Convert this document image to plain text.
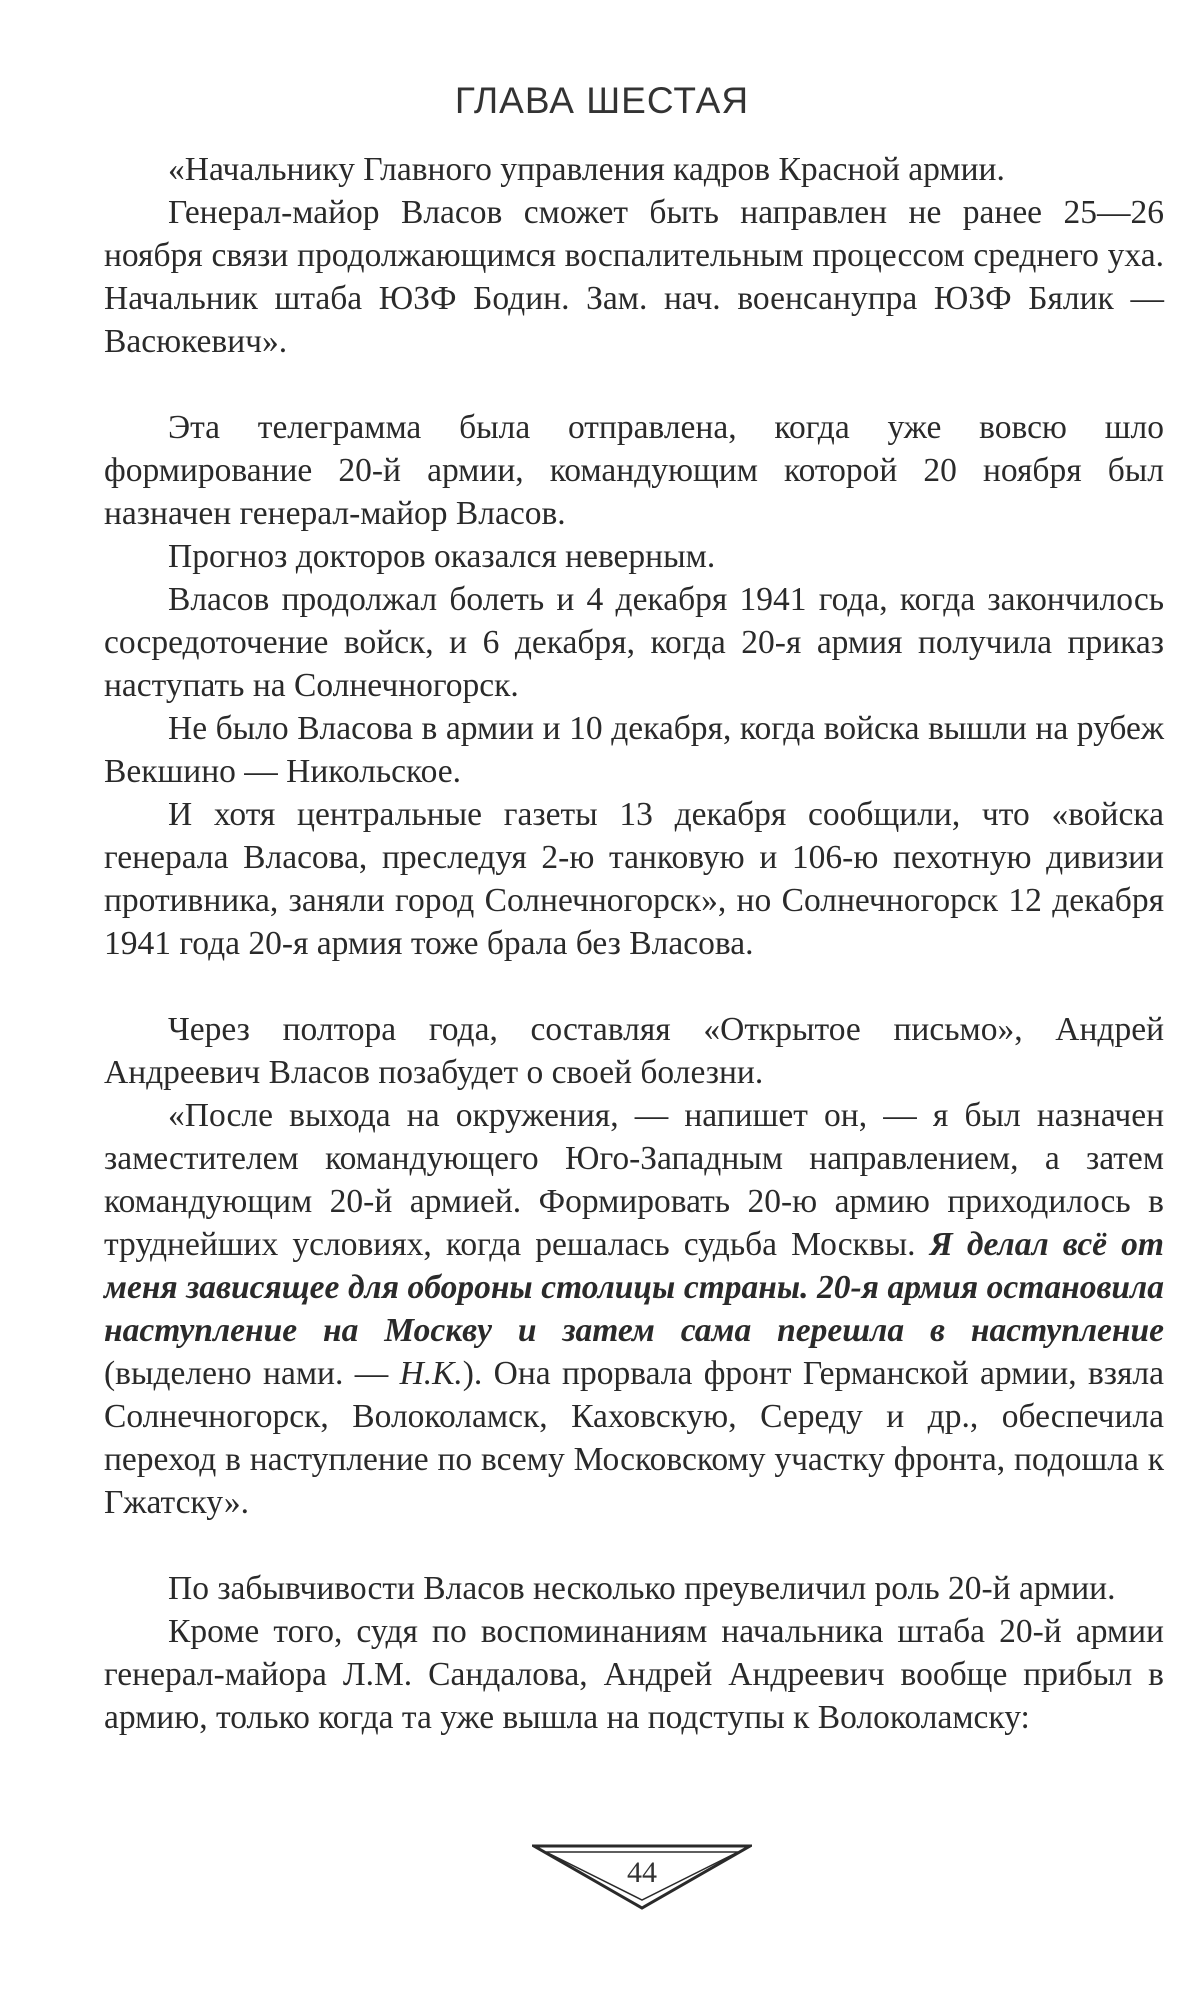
ГЛАВА ШЕСТАЯ

«Начальнику Главного управления кадров Красной армии.

Генерал-майор Власов сможет быть направлен не ранее 25—26 ноября связи продолжающимся воспалительным процессом среднего уха. Начальник штаба ЮЗФ Бодин. Зам. нач. военсанупра ЮЗФ Бялик — Васюкевич».

Эта телеграмма была отправлена, когда уже вовсю шло формирование 20-й армии, командующим которой 20 ноября был назначен генерал-майор Власов.

Прогноз докторов оказался неверным.

Власов продолжал болеть и 4 декабря 1941 года, когда закончилось сосредоточение войск, и 6 декабря, когда 20-я армия получила приказ наступать на Солнечногорск.

Не было Власова в армии и 10 декабря, когда войска вышли на рубеж Векшино — Никольское.

И хотя центральные газеты 13 декабря сообщили, что «войска генерала Власова, преследуя 2-ю танковую и 106-ю пехотную дивизии противника, заняли город Солнечногорск», но Солнечногорск 12 декабря 1941 года 20-я армия тоже брала без Власова.

Через полтора года, составляя «Открытое письмо», Андрей Андреевич Власов позабудет о своей болезни.

«После выхода на окружения, — напишет он, — я был назначен заместителем командующего Юго-Западным направлением, а затем командующим 20-й армией. Формировать 20-ю армию приходилось в труднейших условиях, когда решалась судьба Москвы. Я делал всё от меня зависящее для обороны столицы страны. 20-я армия остановила наступление на Москву и затем сама перешла в наступление (выделено нами. — Н.К.). Она прорвала фронт Германской армии, взяла Солнечногорск, Волоколамск, Каховскую, Середу и др., обеспечила переход в наступление по всему Московскому участку фронта, подошла к Гжатску».

По забывчивости Власов несколько преувеличил роль 20-й армии.

Кроме того, судя по воспоминаниям начальника штаба 20-й армии генерал-майора Л.М. Сандалова, Андрей Андреевич вообще прибыл в армию, только когда та уже вышла на подступы к Волоколамску:

44
